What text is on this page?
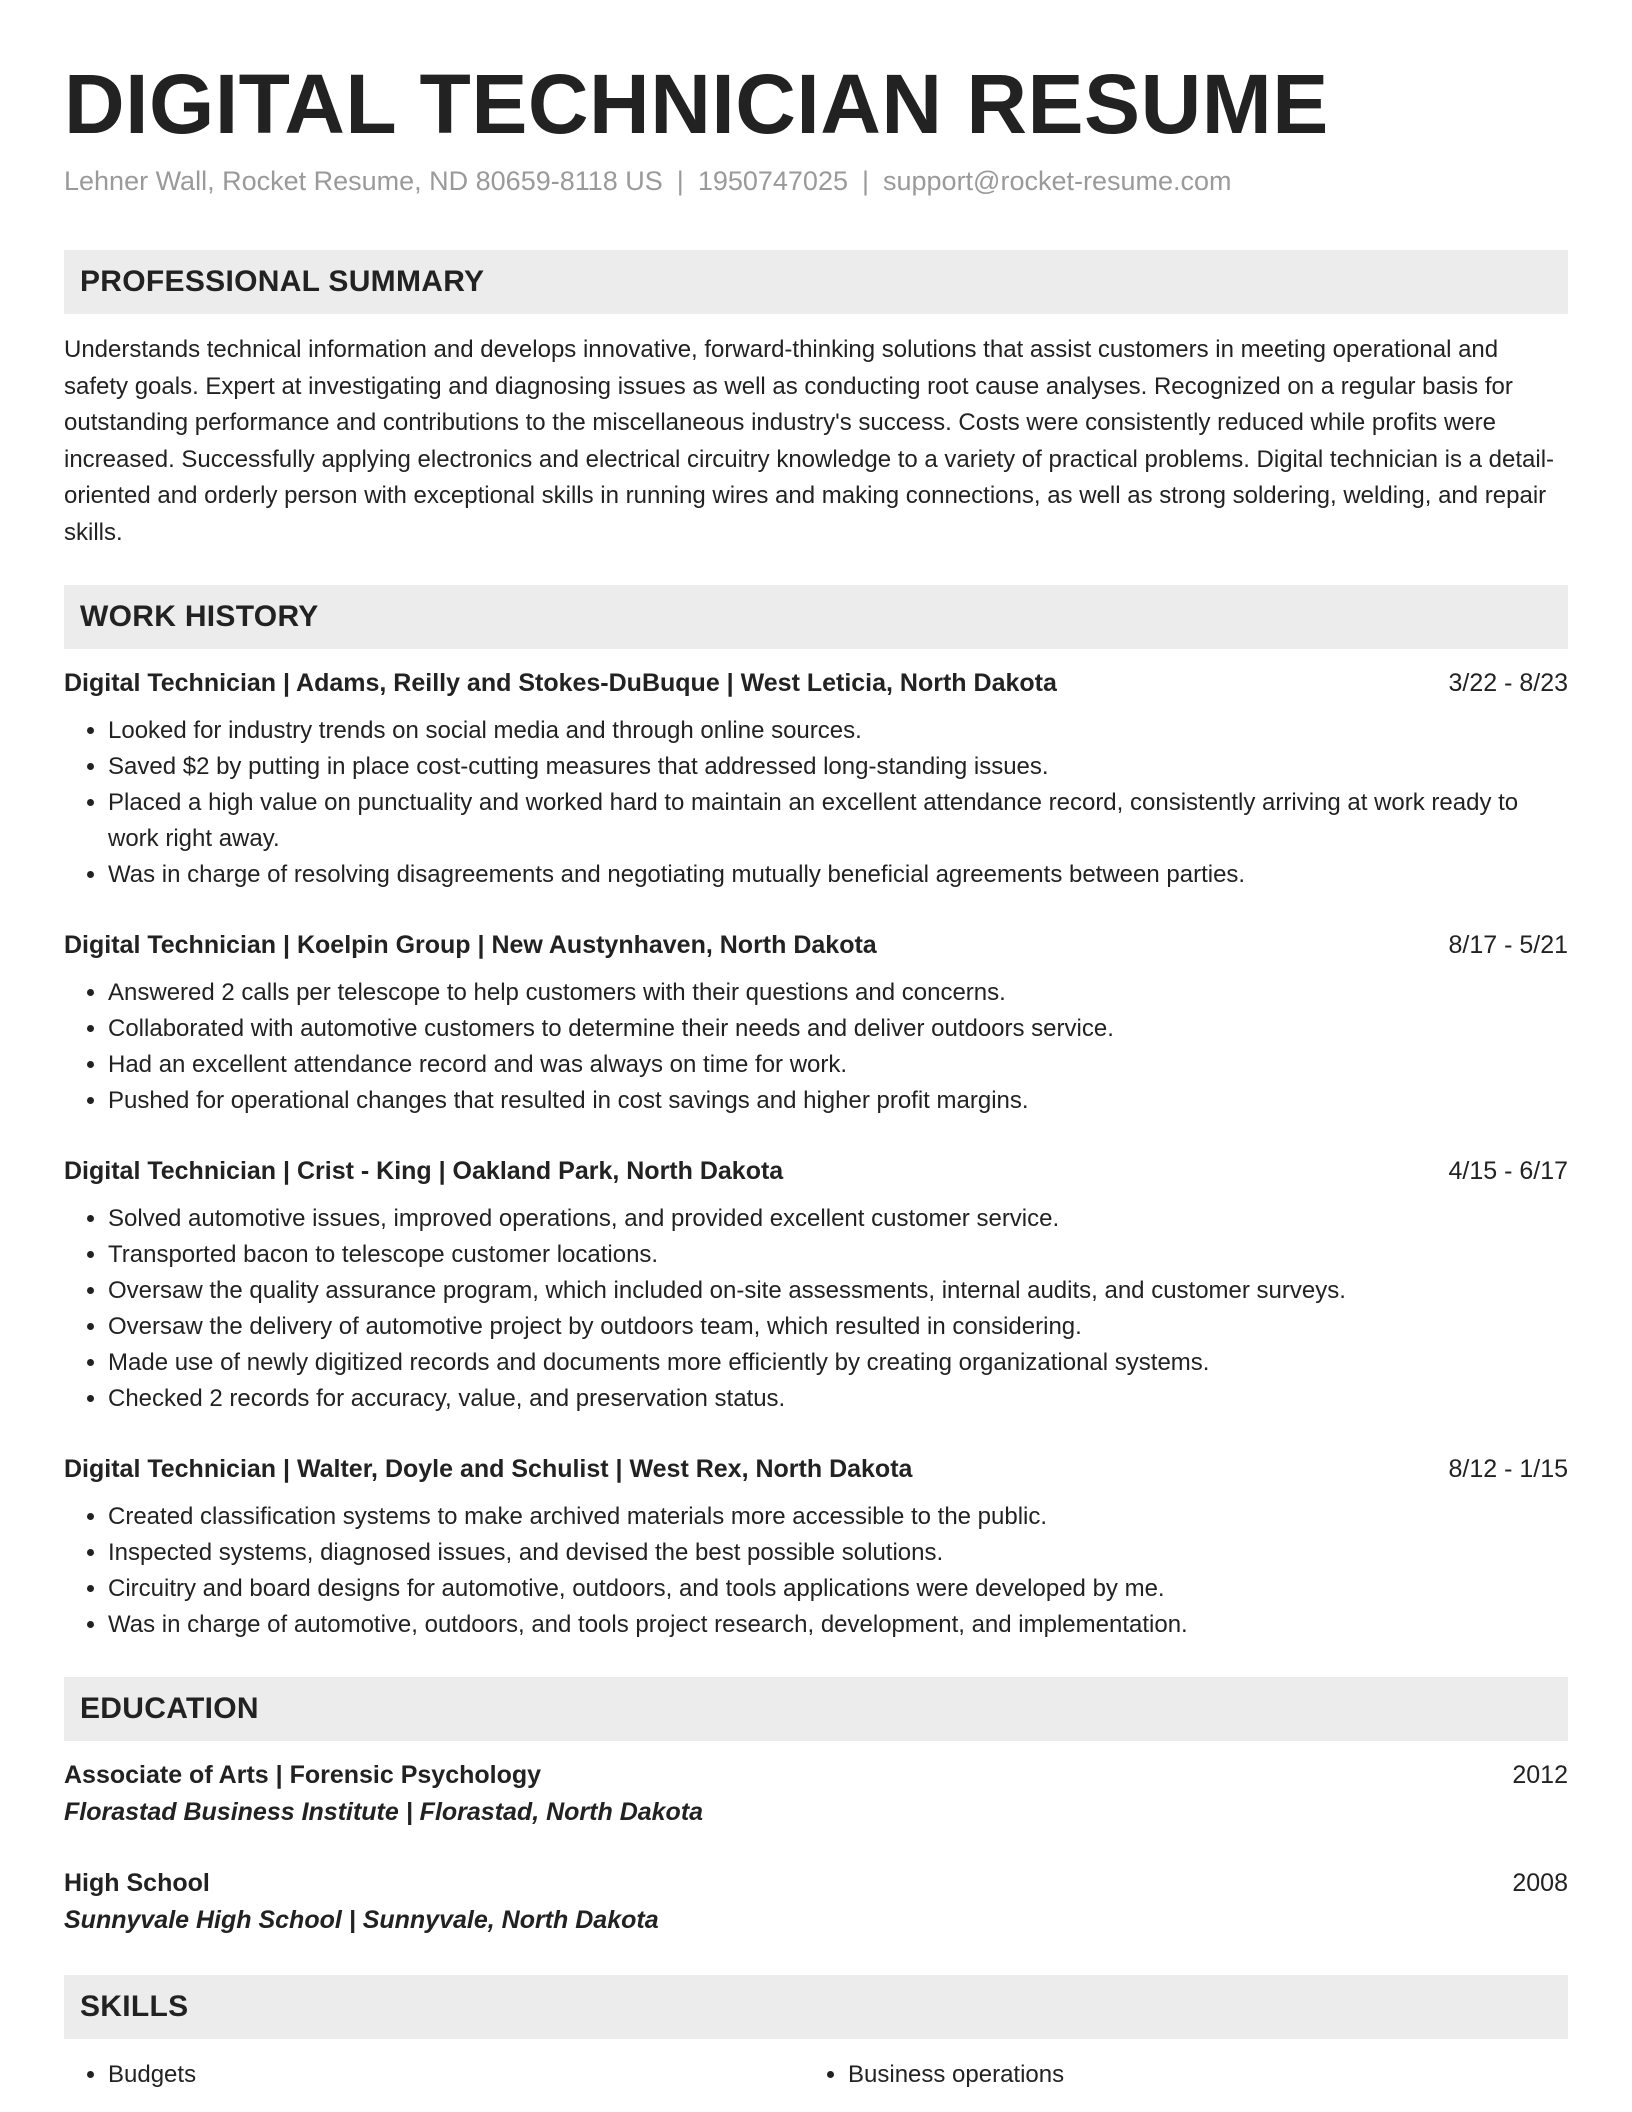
DIGITAL TECHNICIAN RESUME
Lehner Wall, Rocket Resume, ND 80659-8118 US | 1950747025 | support@rocket-resume.com
PROFESSIONAL SUMMARY

Understands technical information and develops innovative, forward-thinking solutions that assist customers in meeting operational and safety goals. Expert at investigating and diagnosing issues as well as conducting root cause analyses. Recognized on a regular basis for outstanding performance and contributions to the miscellaneous industry's success. Costs were consistently reduced while profits were increased. Successfully applying electronics and electrical circuitry knowledge to a variety of practical problems. Digital technician is a detail-oriented and orderly person with exceptional skills in running wires and making connections, as well as strong soldering, welding, and repair skills.

WORK HISTORY
Digital Technician | Adams, Reilly and Stokes-DuBuque | West Leticia, North Dakota	3/22 - 8/23
• Looked for industry trends on social media and through online sources.
• Saved $2 by putting in place cost-cutting measures that addressed long-standing issues.
• Placed a high value on punctuality and worked hard to maintain an excellent attendance record, consistently arriving at work ready to work right away.
• Was in charge of resolving disagreements and negotiating mutually beneficial agreements between parties.
Digital Technician | Koelpin Group | New Austynhaven, North Dakota	8/17 - 5/21
• Answered 2 calls per telescope to help customers with their questions and concerns.
• Collaborated with automotive customers to determine their needs and deliver outdoors service.
• Had an excellent attendance record and was always on time for work.
• Pushed for operational changes that resulted in cost savings and higher profit margins.
Digital Technician | Crist - King | Oakland Park, North Dakota	4/15 - 6/17
• Solved automotive issues, improved operations, and provided excellent customer service.
• Transported bacon to telescope customer locations.
• Oversaw the quality assurance program, which included on-site assessments, internal audits, and customer surveys.
• Oversaw the delivery of automotive project by outdoors team, which resulted in considering.
• Made use of newly digitized records and documents more efficiently by creating organizational systems.
• Checked 2 records for accuracy, value, and preservation status.
Digital Technician | Walter, Doyle and Schulist | West Rex, North Dakota	8/12 - 1/15
• Created classification systems to make archived materials more accessible to the public.
• Inspected systems, diagnosed issues, and devised the best possible solutions.
• Circuitry and board designs for automotive, outdoors, and tools applications were developed by me.
• Was in charge of automotive, outdoors, and tools project research, development, and implementation.
EDUCATION
Associate of Arts | Forensic Psychology	2012
Florastad Business Institute | Florastad, North Dakota
High School	2008
Sunnyvale High School | Sunnyvale, North Dakota
SKILLS
• Budgets
•	Business operations
